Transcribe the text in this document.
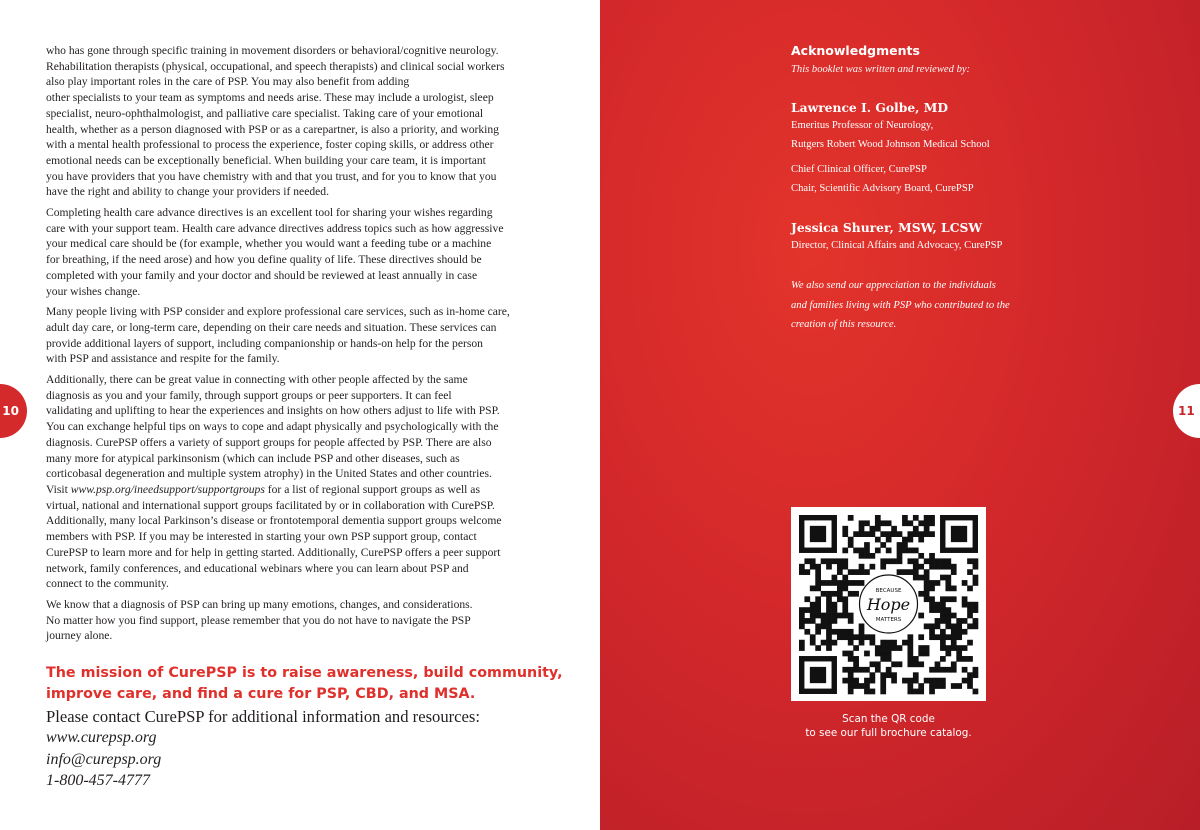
who has gone through specific training in movement disorders or behavioral/cognitive neurology.
Rehabilitation therapists (physical, occupational, and speech therapists) and clinical social workers
also play important roles in the care of PSP. You may also benefit from adding
other specialists to your team as symptoms and needs arise. These may include a urologist, sleep
specialist, neuro-ophthalmologist, and palliative care specialist. Taking care of your emotional
health, whether as a person diagnosed with PSP or as a carepartner, is also a priority, and working
with a mental health professional to process the experience, foster coping skills, or address other
emotional needs can be exceptionally beneficial. When building your care team, it is important
you have providers that you have chemistry with and that you trust, and for you to know that you
have the right and ability to change your providers if needed.

Completing health care advance directives is an excellent tool for sharing your wishes regarding
care with your support team. Health care advance directives address topics such as how aggressive
your medical care should be (for example, whether you would want a feeding tube or a machine
for breathing, if the need arose) and how you define quality of life. These directives should be
completed with your family and your doctor and should be reviewed at least annually in case
your wishes change.

Many people living with PSP consider and explore professional care services, such as in-home care,
adult day care, or long-term care, depending on their care needs and situation. These services can
provide additional layers of support, including companionship or hands-on help for the person
with PSP and assistance and respite for the family.

Additionally, there can be great value in connecting with other people affected by the same
diagnosis as you and your family, through support groups or peer supporters. It can feel
validating and uplifting to hear the experiences and insights on how others adjust to life with PSP.
You can exchange helpful tips on ways to cope and adapt physically and psychologically with the
diagnosis. CurePSP offers a variety of support groups for people affected by PSP. There are also
many more for atypical parkinsonism (which can include PSP and other diseases, such as
corticobasal degeneration and multiple system atrophy) in the United States and other countries.
Visit www.psp.org/ineedsupport/supportgroups for a list of regional support groups as well as
virtual, national and international support groups facilitated by or in collaboration with CurePSP.
Additionally, many local Parkinson’s disease or frontotemporal dementia support groups welcome
members with PSP. If you may be interested in starting your own PSP support group, contact
CurePSP to learn more and for help in getting started. Additionally, CurePSP offers a peer support
network, family conferences, and educational webinars where you can learn about PSP and
connect to the community.

We know that a diagnosis of PSP can bring up many emotions, changes, and considerations.
No matter how you find support, please remember that you do not have to navigate the PSP
journey alone.

The mission of CurePSP is to raise awareness, build community,
improve care, and find a cure for PSP, CBD, and MSA.
Please contact CurePSP for additional information and resources:
www.curepsp.org
info@curepsp.org
1-800-457-4777
10	11

Acknowledgments

This booklet was written and reviewed by:

Lawrence I. Golbe, MD

Emeritus Professor of Neurology,

Rutgers Robert Wood Johnson Medical School

Chief Clinical Officer, CurePSP

Chair, Scientific Advisory Board, CurePSP

Jessica Shurer, MSW, LCSW

Director, Clinical Affairs and Advocacy, CurePSP

We also send our appreciation to the individuals
and families living with PSP who contributed to the
creation of this resource.
BECAUSE
Hope
MATTERS
Scan the QR code
to see our full brochure catalog.
